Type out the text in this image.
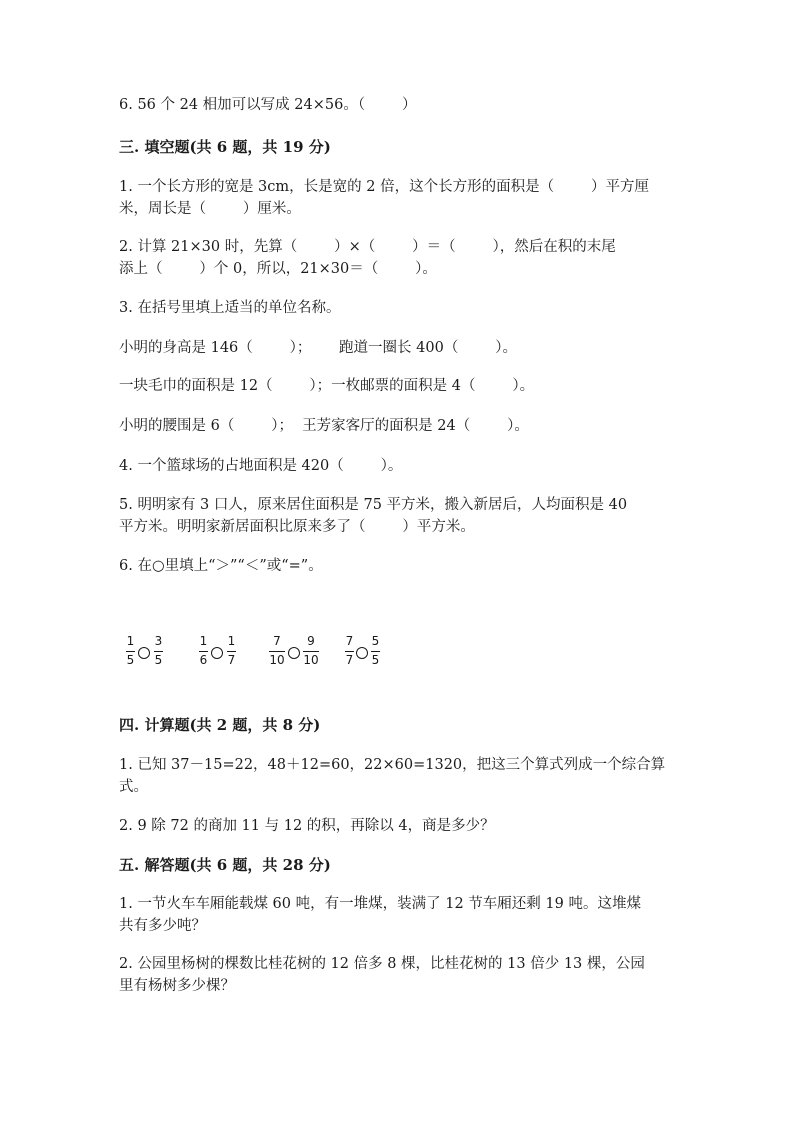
6. 56 个 24 相加可以写成 24×56。（        ）
三. 填空题(共 6 题，共 19 分)
1. 一个长方形的宽是 3cm，长是宽的 2 倍，这个长方形的面积是（        ）平方厘
米，周长是（        ）厘米。
2. 计算 21×30 时，先算（        ）×（        ）＝（        ），然后在积的末尾
添上（        ）个 0，所以，21×30＝（        ）。
3. 在括号里填上适当的单位名称。
小明的身高是 146（        ）；      跑道一圈长 400（        ）。
一块毛巾的面积是 12（        ）；一枚邮票的面积是 4（        ）。
小明的腰围是 6（        ）；  王芳家客厅的面积是 24（        ）。
4. 一个篮球场的占地面积是 420（        ）。
5. 明明家有 3 口人，原来居住面积是 75 平方米，搬入新居后，人均面积是 40
平方米。明明家新居面积比原来多了（        ）平方米。
6. 在○里填上“＞”“＜”或“=”。
1
5
3
5
1
6
1
7
7
10
9
10
7
7
5
5
四. 计算题(共 2 题，共 8 分)
1. 已知 37－15=22，48＋12=60，22×60=1320，把这三个算式列成一个综合算
式。
2. 9 除 72 的商加 11 与 12 的积，再除以 4，商是多少？
五. 解答题(共 6 题，共 28 分)
1. 一节火车车厢能载煤 60 吨，有一堆煤，装满了 12 节车厢还剩 19 吨。这堆煤
共有多少吨？
2. 公园里杨树的棵数比桂花树的 12 倍多 8 棵，比桂花树的 13 倍少 13 棵，公园
里有杨树多少棵？
